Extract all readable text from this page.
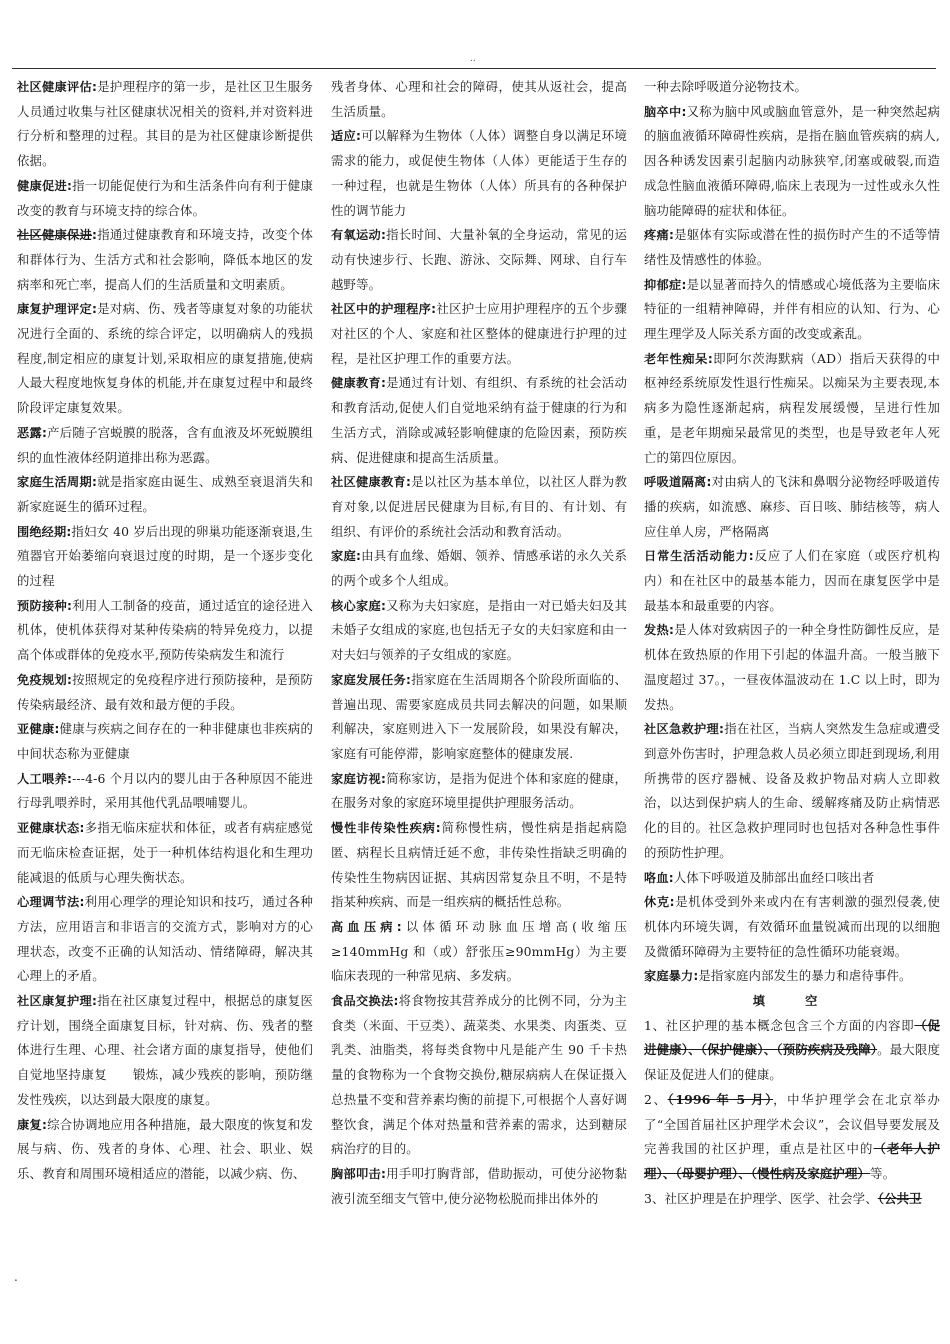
..

社区健康评估:是护理程序的第一步，是社区卫生服务人员通过收集与社区健康状况相关的资料,并对资料进行分析和整理的过程。其目的是为社区健康诊断提供依据。

健康促进:指一切能促使行为和生活条件向有利于健康改变的教育与环境支持的综合体。

社区健康保进:指通过健康教育和环境支持，改变个体和群体行为、生活方式和社会影响，降低本地区的发病率和死亡率，提高人们的生活质量和文明素质。

康复护理评定:是对病、伤、残者等康复对象的功能状况进行全面的、系统的综合评定，以明确病人的残损程度,制定相应的康复计划,采取相应的康复措施,使病人最大程度地恢复身体的机能,并在康复过程中和最终阶段评定康复效果。

恶露:产后随子宫蜕膜的脱落，含有血液及坏死蜕膜组织的血性液体经阴道排出称为恶露。

家庭生活周期:就是指家庭由诞生、成熟至衰退消失和新家庭诞生的循环过程。

围绝经期:指妇女 40 岁后出现的卵巢功能逐渐衰退,生殖器官开始萎缩向衰退过度的时期，是一个逐步变化的过程

预防接种:利用人工制备的疫苗，通过适宜的途径进入机体，使机体获得对某种传染病的特异免疫力，以提高个体或群体的免疫水平,预防传染病发生和流行

免疫规划:按照规定的免疫程序进行预防接种，是预防传染病最经济、最有效和最方便的手段。

亚健康:健康与疾病之间存在的一种非健康也非疾病的中间状态称为亚健康

人工喂养:---4-6 个月以内的婴儿由于各种原因不能进行母乳喂养时，采用其他代乳品喂哺婴儿。

亚健康状态:多指无临床症状和体征，或者有病症感觉而无临床检查证据，处于一种机体结构退化和生理功能减退的低质与心理失衡状态。

心理调节法:利用心理学的理论知识和技巧，通过各种方法，应用语言和非语言的交流方式，影响对方的心理状态，改变不正确的认知活动、情绪障碍，解决其心理上的矛盾。

社区康复护理:指在社区康复过程中，根据总的康复医疗计划，围绕全面康复目标，针对病、伤、残者的整体进行生理、心理、社会诸方面的康复指导，使他们自觉地坚持康复　　锻炼，减少残疾的影响，预防继发性残疾，以达到最大限度的康复。

康复:综合协调地应用各种措施，最大限度的恢复和发展与病、伤、残者的身体、心理、社会、职业、娱乐、教育和周围环境相适应的潜能，以减少病、伤、

残者身体、心理和社会的障碍，使其从返社会，提高生活质量。

适应:可以解释为生物体（人体）调整自身以满足环境需求的能力，或促使生物体（人体）更能适于生存的一种过程，也就是生物体（人体）所具有的各种保护性的调节能力

有氧运动:指长时间、大量补氧的全身运动，常见的运动有快速步行、长跑、游泳、交际舞、网球、自行车越野等。

社区中的护理程序:社区护士应用护理程序的五个步骤对社区的个人、家庭和社区整体的健康进行护理的过程，是社区护理工作的重要方法。

健康教育:是通过有计划、有组织、有系统的社会活动和教育活动,促使人们自觉地采纳有益于健康的行为和生活方式，消除或减轻影响健康的危险因素，预防疾病、促进健康和提高生活质量。

社区健康教育:是以社区为基本单位，以社区人群为教育对象,以促进居民健康为目标,有目的、有计划、有组织、有评价的系统社会活动和教育活动。

家庭:由具有血缘、婚姻、领养、情感承诺的永久关系的两个或多个人组成。

核心家庭:又称为夫妇家庭，是指由一对已婚夫妇及其未婚子女组成的家庭,也包括无子女的夫妇家庭和由一对夫妇与领养的子女组成的家庭。

家庭发展任务:指家庭在生活周期各个阶段所面临的、普遍出现、需要家庭成员共同去解决的问题，如果顺利解决，家庭则进入下一发展阶段，如果没有解决，家庭有可能停滞，影响家庭整体的健康发展.

家庭访视:简称家访，是指为促进个体和家庭的健康，在服务对象的家庭环境里提供护理服务活动。

慢性非传染性疾病:简称慢性病，慢性病是指起病隐匿、病程长且病情迁延不愈，非传染性指缺乏明确的传染性生物病因证据、其病因常复杂且不明，不是特指某种疾病、而是一组疾病的概括性总称。

高血压病:以体循环动脉血压增高(收缩压≥140mmHg 和（或）舒张压≥90mmHg）为主要临床表现的一种常见病、多发病。

食品交换法:将食物按其营养成分的比例不同，分为主食类（米面、干豆类）、蔬菜类、水果类、肉蛋类、豆乳类、油脂类，将每类食物中凡是能产生 90 千卡热量的食物称为一个食物交换份,糖尿病病人在保证摄入总热量不变和营养素均衡的前提下,可根据个人喜好调整饮食，满足个体对热量和营养素的需求，达到糖尿病治疗的目的。

胸部叩击:用手叩打胸背部，借助振动，可使分泌物黏液引流至细支气管中,使分泌物松脱而排出体外的

一种去除呼吸道分泌物技术。

脑卒中:又称为脑中风或脑血管意外，是一种突然起病的脑血液循环障碍性疾病，是指在脑血管疾病的病人,因各种诱发因素引起脑内动脉狭窄,闭塞或破裂,而造成急性脑血液循环障碍,临床上表现为一过性或永久性脑功能障碍的症状和体征。

疼痛:是躯体有实际或潜在性的损伤时产生的不适等情绪性及情感性的体验。

抑郁症:是以显著而持久的情感或心境低落为主要临床特征的一组精神障碍，并伴有相应的认知、行为、心理生理学及人际关系方面的改变或紊乱。

老年性痴呆:即阿尔茨海默病（AD）指后天获得的中枢神经系统原发性退行性痴呆。以痴呆为主要表现,本病多为隐性逐渐起病，病程发展缓慢，呈进行性加重，是老年期痴呆最常见的类型，也是导致老年人死亡的第四位原因。

呼吸道隔离:对由病人的飞沫和鼻咽分泌物经呼吸道传播的疾病，如流感、麻疹、百日咳、肺结核等，病人应住单人房，严格隔离

日常生活活动能力:反应了人们在家庭（或医疗机构内）和在社区中的最基本能力，因而在康复医学中是最基本和最重要的内容。

发热:是人体对致病因子的一种全身性防御性反应，是机体在致热原的作用下引起的体温升高。一般当腋下温度超过 37。，一昼夜体温波动在 1.C 以上时，即为发热。

社区急救护理:指在社区，当病人突然发生急症或遭受到意外伤害时，护理急救人员必须立即赶到现场,利用所携带的医疗器械、设备及救护物品对病人立即救治，以达到保护病人的生命、缓解疼痛及防止病情恶化的目的。社区急救护理同时也包括对各种急性事件的预防性护理。

咯血:人体下呼吸道及肺部出血经口咳出者

休克:是机体受到外来或内在有害刺激的强烈侵袭,使机体内环境失调，有效循环血量锐减而出现的以细胞及微循环障碍为主要特征的急性循环功能衰竭。

家庭暴力:是指家庭内部发生的暴力和虐待事件。

填　空

1、社区护理的基本概念包含三个方面的内容即（促进健康）、（保护健康）、（预防疾病及残障）。最大限度保证及促进人们的健康。

2、（1996 年 5 月），中华护理学会在北京举办了“全国首届社区护理学术会议”，会议倡导要发展及完善我国的社区护理，重点是社区中的（老年人护理）、（母婴护理）、（慢性病及家庭护理）等。

3、社区护理是在护理学、医学、社会学、（公共卫

.
